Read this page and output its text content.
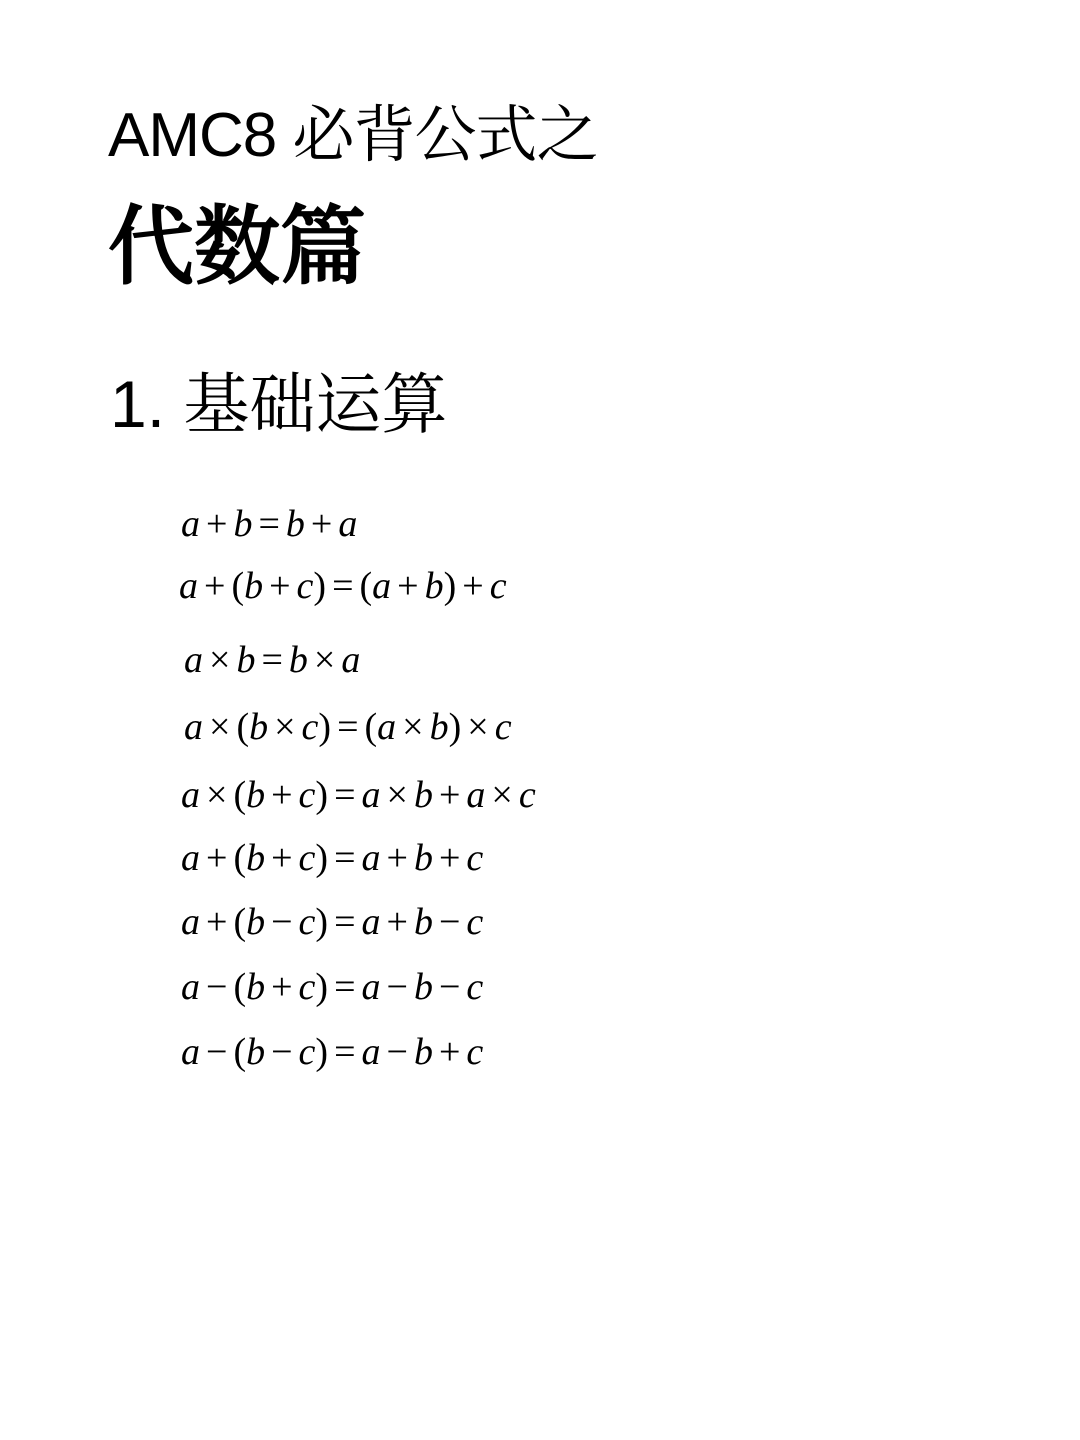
AMC8 必背公式之
代数篇
1. 基础运算
a + b = b + a
a + (b + c) = (a + b) + c
a × b = b × a
a × (b × c) = (a × b) × c
a × (b + c) = a × b + a × c
a + (b + c) = a + b + c
a + (b − c) = a + b − c
a − (b + c) = a − b − c
a − (b − c) = a − b + c
